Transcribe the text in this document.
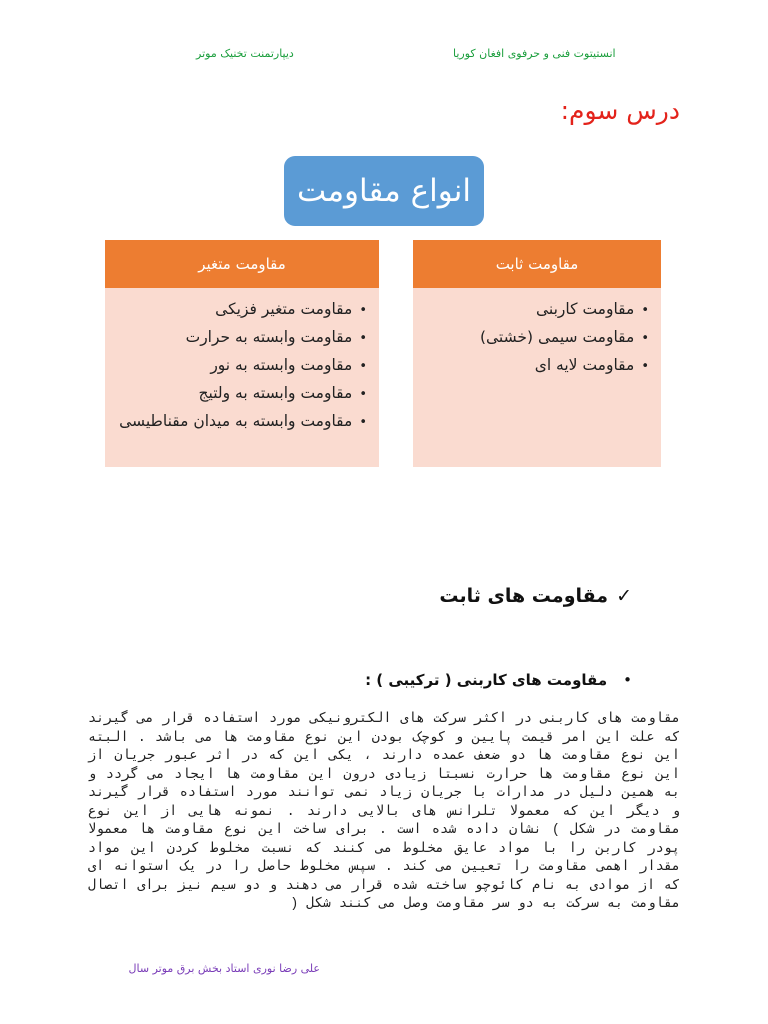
انستیتوت فنی و حرفوی افغان کوریا
دیپارتمنت تخنیک موتر
درس سوم:
انواع مقاومت
مقاومت ثابت
• مقاومت کاربنی
• مقاومت سیمی (خشتی)
• مقاومت لایه ای
مقاومت متغیر
• مقاومت متغیر فزیکی
• مقاومت وابسته به حرارت
• مقاومت وابسته به نور
• مقاومت وابسته به ولتیج
• مقاومت وابسته به میدان مقناطیسی
✓مقاومت های ثابت
•مقاومت های کاربنی ( ترکیبی ) :
مقاومت های کاربنی در اکثر سرکت های الکترونیکی مورد استفاده قرار می گیرند که علت این امر قیمت پایین و کوچک بودن این نوع مقاومت ها می باشد . البته این نوع مقاومت ها دو ضعف عمده دارند ، یکی این که در اثر عبور جریان از این نوع مقاومت ها حرارت نسبتا زیادی درون این مقاومت ها ایجاد می گردد و به همین دلیل در مدارات با جریان زیاد نمی توانند مورد استفاده قرار گیرند و دیگر این که معمولا تلرانس های بالایی دارند . نمونه هایی از این نوع مقاومت در شکل ) نشان داده شده است . برای ساخت این نوع مقاومت ها معمولا پودر کاربن را با مواد عایق مخلوط می کنند که نسبت مخلوط کردن این مواد مقدار اهمی مقاومت را تعیین می کند . سپس مخلوط حاصل را در یک استوانه ای که از موادی به نام کائوچو ساخته شده قرار می دهند و دو سیم نیز برای اتصال مقاومت به سرکت به دو سر مقاومت وصل می کنند شکل (
علی رضا نوری استاد بخش برق موتر سال
